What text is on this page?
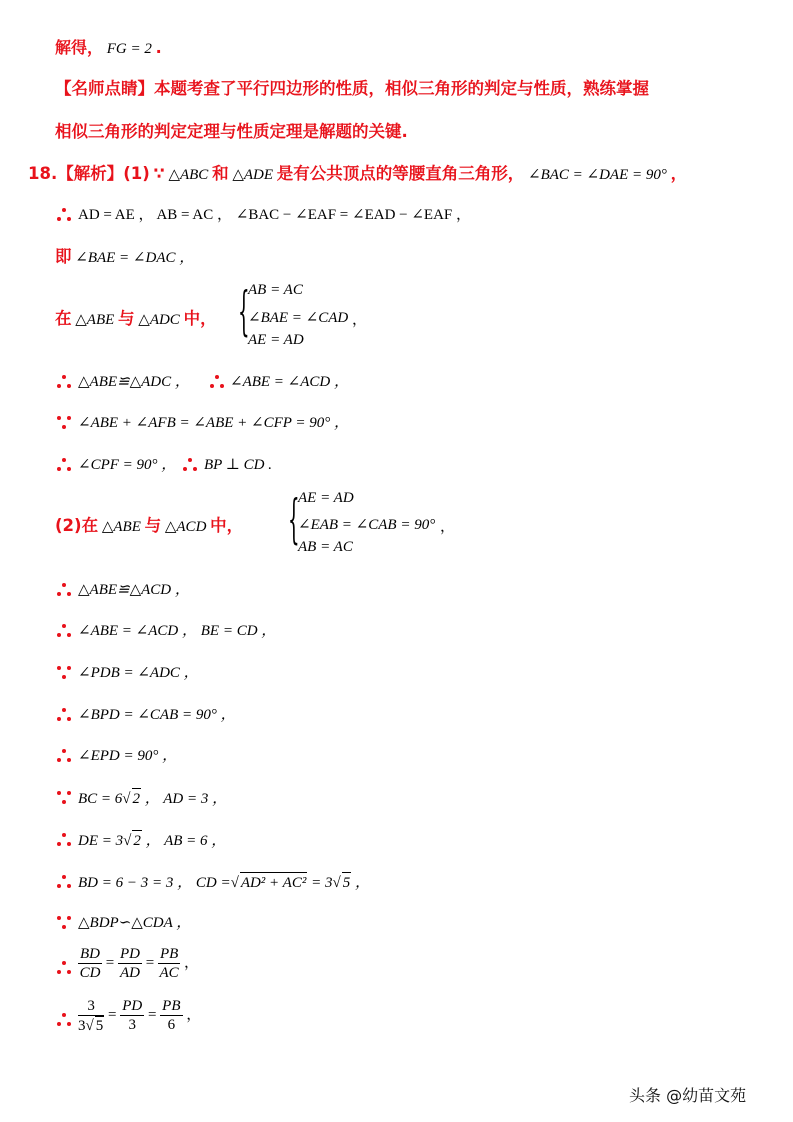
解得， FG = 2 .
【名师点睛】本题考查了平行四边形的性质，相似三角形的判定与性质，熟练掌握
相似三角形的判定定理与性质定理是解题的关键.
18.【解析】(1) ∵ △ABC 和 △ADE 是有公共顶点的等腰直角三角形， ∠BAC = ∠DAE = 90° ，
AD = AE ， AB = AC ， ∠BAC − ∠EAF = ∠EAD − ∠EAF ，
即 ∠BAE = ∠DAC ，
在 △ABE 与 △ADC 中， {
AB = AC
∠BAE = ∠CAD
AE = AD
，
△ABE≌△ADC ，	∠ABE = ∠ACD ，
∠ABE + ∠AFB = ∠ABE + ∠CFP = 90° ，
∠CPF = 90° ， BP ⊥ CD .
(2)在 △ABE 与 △ACD 中， {
AE = AD
∠EAB = ∠CAB = 90°
AB = AC
，
△ABE≌△ACD ，
∠ABE = ∠ACD ， BE = CD ，
∠PDB = ∠ADC ，
∠BPD = ∠CAB = 90° ，
∠EPD = 90° ，
BC = 6√ 2 ， AD = 3 ，
DE = 3√ 2 ， AB = 6 ，
BD = 6 − 3 = 3 ， CD =√ AD² + AC² = 3√ 5 ，
△BDP∽△CDA ，
$\frac{BD}{CD} = \frac{PD}{AD} = \frac{PB}{AC}$ ，
$\frac{3}{3√ 5} = \frac{PD}{3} = \frac{PB}{6}$ ，
头条 @幼苗文苑
